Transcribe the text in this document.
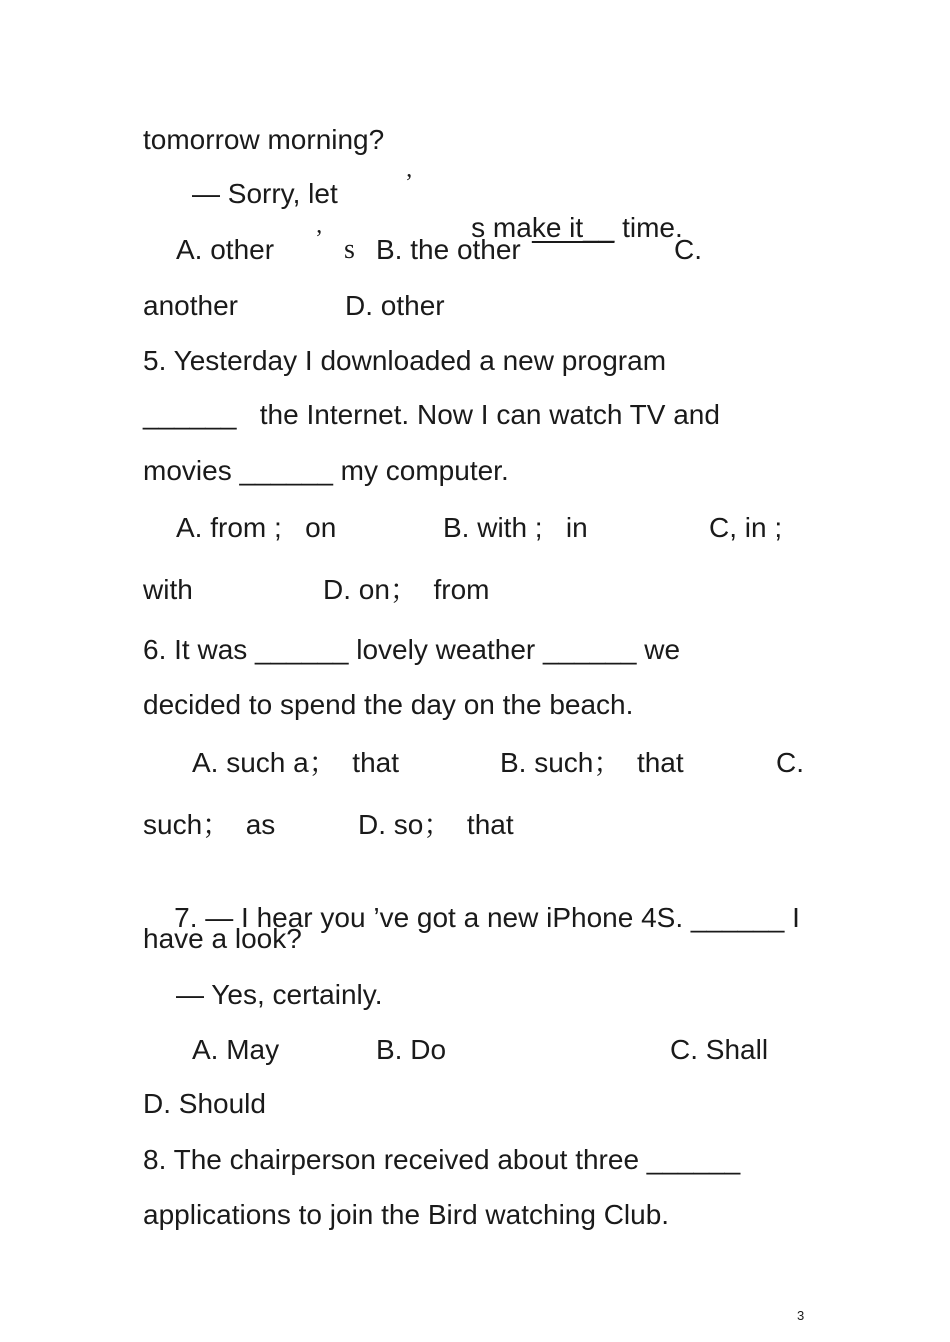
tomorrow morning?
— Sorry, let	’

s make it__ time.

A. other ’ s B. the other	C.
another	D. other
5. Yesterday I downloaded a new program
______   the Internet. Now I can watch TV and
movies ______ my computer.
A. from ;   on	B. with ;   in	C, in ;
with	D. on；  from
6. It was ______ lovely weather ______ we
decided to spend the day on the beach.
A. such a；  that	B. such；  that	C.
such；  as	D. so；  that

7. — I hear you ’ve got a new iPhone 4S. ______ I

have a look?
— Yes, certainly.
A. May	B. Do	C. Shall
D. Should
8. The chairperson received about three ______
applications to join the Bird watching Club.
3
